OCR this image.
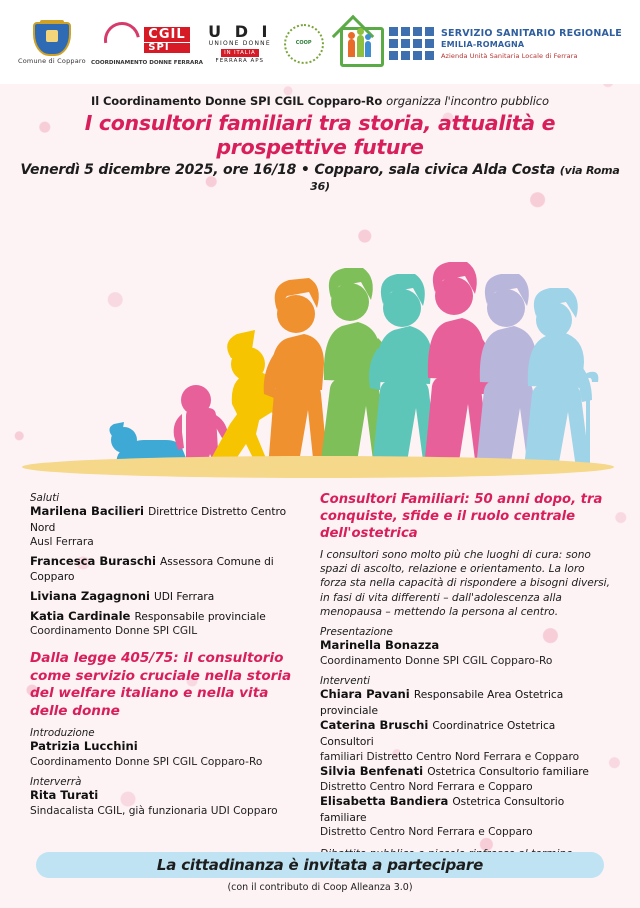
Comune di Copparo
CGIL
SPI
COORDINAMENTO DONNE FERRARA
U D I
UNIONE DONNE
IN ITALIA
FERRARA APS
COOP
SERVIZIO SANITARIO REGIONALE
EMILIA-ROMAGNA
Azienda Unità Sanitaria Locale di Ferrara
Il Coordinamento Donne SPI CGIL Copparo-Ro organizza l'incontro pubblico
I consultori familiari tra storia, attualità e prospettive future
Venerdì 5 dicembre 2025, ore 16/18 • Copparo, sala civica Alda Costa (via Roma 36)
Saluti
Marilena Bacilieri Direttrice Distretto Centro Nord
Ausl Ferrara
Francesca Buraschi Assessora Comune di Copparo
Liviana Zagagnoni UDI Ferrara
Katia Cardinale Responsabile provinciale
Coordinamento Donne SPI CGIL
Dalla legge 405/75: il consultorio come servizio cruciale nella storia del welfare italiano e nella vita delle donne
Introduzione
Patrizia Lucchini
Coordinamento Donne SPI CGIL Copparo-Ro
Interverrà
Rita Turati
Sindacalista CGIL, già funzionaria UDI Copparo
Consultori Familiari: 50 anni dopo, tra conquiste, sfide e il ruolo centrale dell'ostetrica
I consultori sono molto più che luoghi di cura: sono spazi di ascolto, relazione e orientamento. La loro forza sta nella capacità di rispondere a bisogni diversi, in fasi di vita differenti – dall'adolescenza alla menopausa – mettendo la persona al centro.
Presentazione
Marinella Bonazza
Coordinamento Donne SPI CGIL Copparo-Ro
Interventi
Chiara Pavani Responsabile Area Ostetrica provinciale
Caterina Bruschi Coordinatrice Ostetrica Consultori
familiari Distretto Centro Nord Ferrara e Copparo
Silvia Benfenati Ostetrica Consultorio familiare
Distretto Centro Nord Ferrara e Copparo
Elisabetta Bandiera Ostetrica Consultorio familiare
Distretto Centro Nord Ferrara e Copparo
La cittadinanza è invitata a partecipare
(con il contributo di Coop Alleanza 3.0)
